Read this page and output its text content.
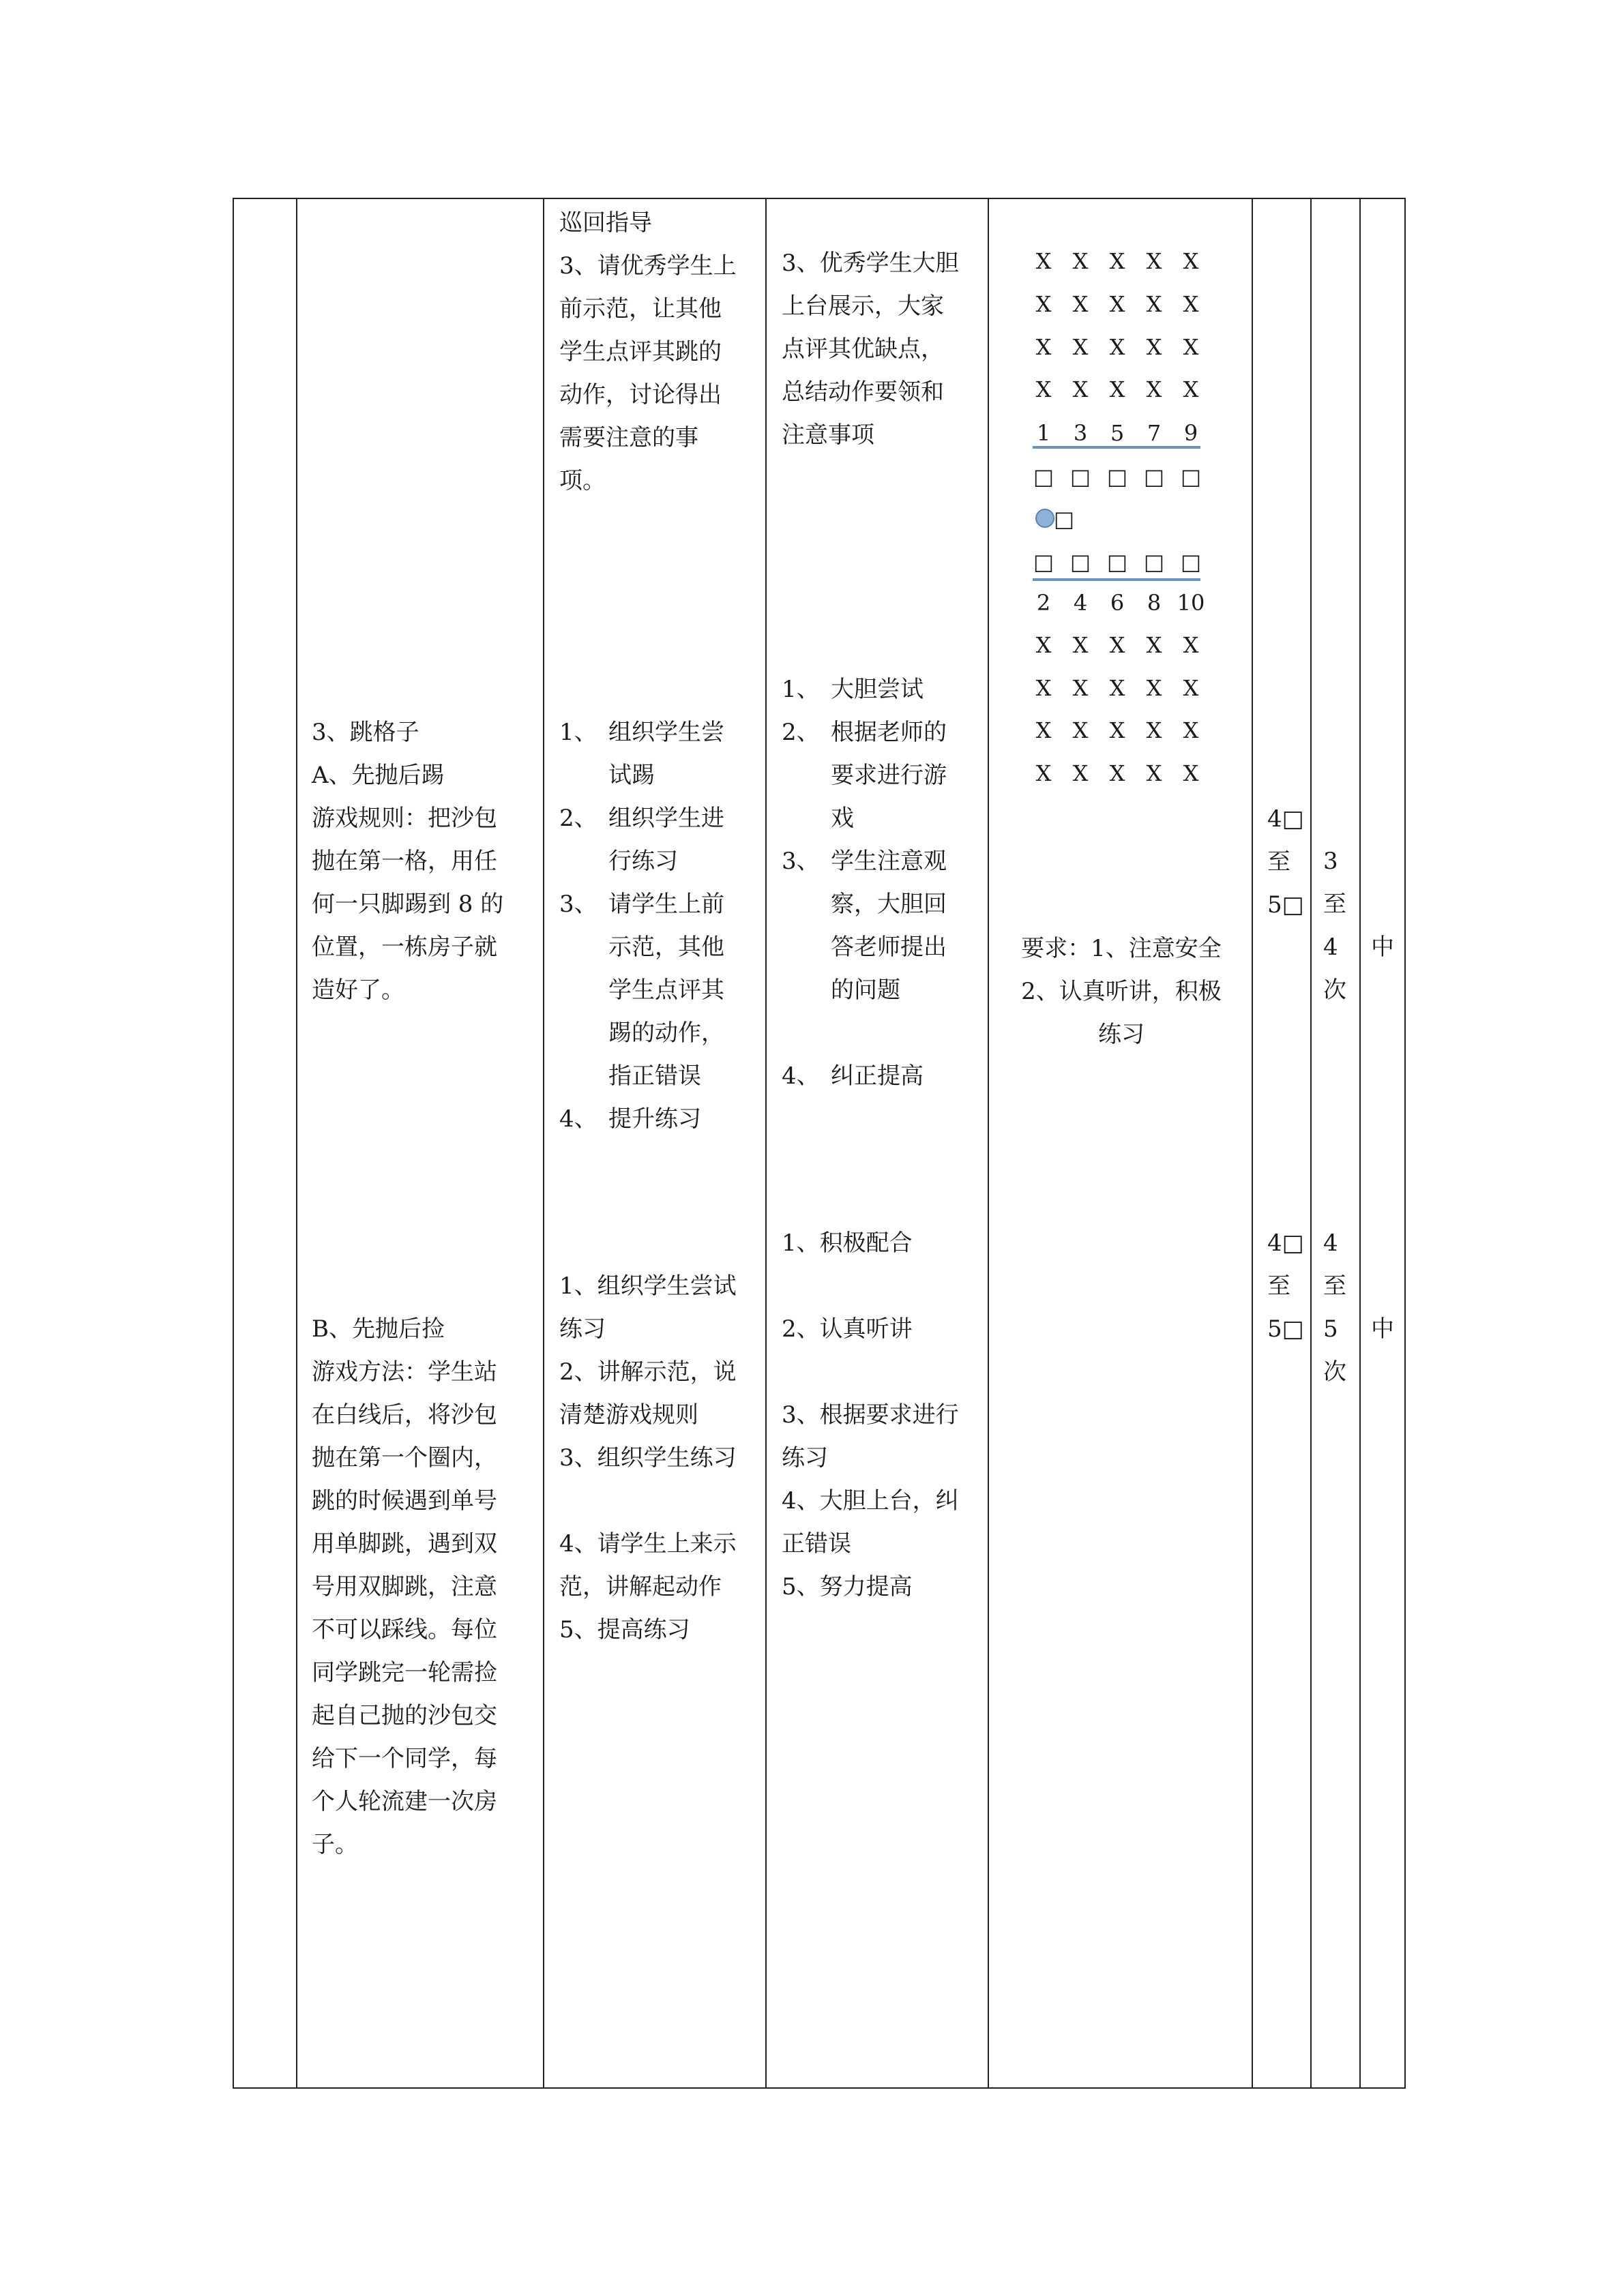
3、跳格子
A、先抛后踢
游戏规则：把沙包
抛在第一格，用任
何一只脚踢到 8 的
位置，一栋房子就
造好了。
B、先抛后捡
游戏方法：学生站
在白线后，将沙包
抛在第一个圈内，
跳的时候遇到单号
用单脚跳，遇到双
号用双脚跳，注意
不可以踩线。每位
同学跳完一轮需捡
起自己抛的沙包交
给下一个同学，每
个人轮流建一次房
子。
巡回指导
3、请优秀学生上
前示范，让其他
学生点评其跳的
动作，讨论得出
需要注意的事
项。
1、 组织学生尝
试踢
2、 组织学生进
行练习
3、 请学生上前
示范，其他
学生点评其
踢的动作，
指正错误
4、 提升练习
1、组织学生尝试
练习
2、讲解示范，说
清楚游戏规则
3、组织学生练习

4、请学生上来示
范，讲解起动作
5、提高练习
3、优秀学生大胆
上台展示，大家
点评其优缺点，
总结动作要领和
注意事项
1、 大胆尝试
2、 根据老师的
要求进行游
戏
3、 学生注意观
察，大胆回
答老师提出
的问题

4、 纠正提高
1、积极配合

2、认真听讲

3、根据要求进行
练习
4、大胆上台，纠
正错误
5、努力提高
X X X X X
X X X X X
X X X X X
X X X X X
1 3 5 7 9
□ □ □ □ □
□
□ □ □ □ □
2 4 6 8 10
X X X X X
X X X X X
X X X X X
X X X X X
要求：1、注意安全
2、认真听讲，积极
练习
4□
至
5□
4□
至
5□
3
至
4
次
4
至
5
次
中
中
